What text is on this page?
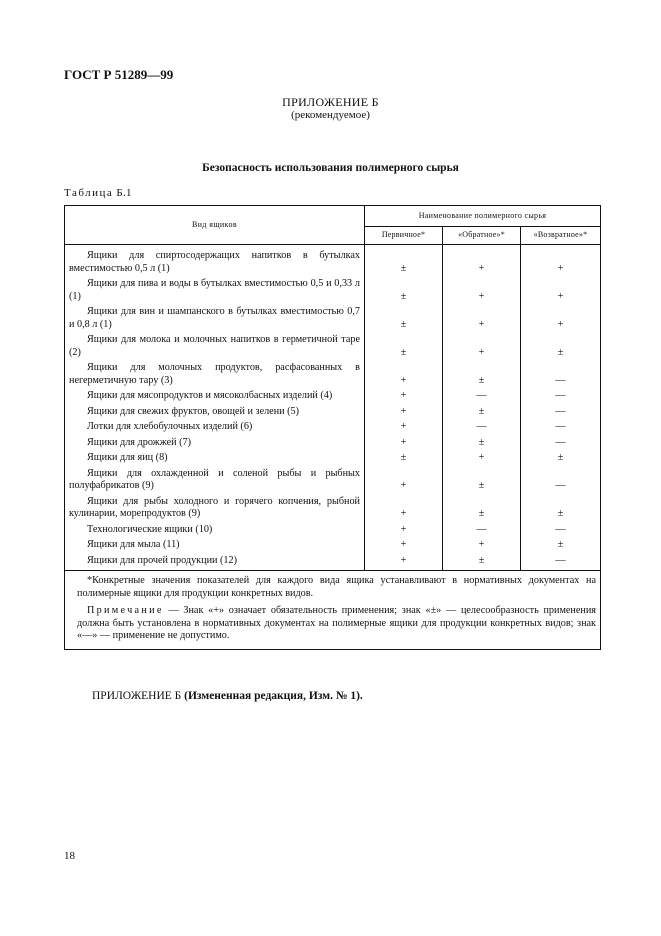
ГОСТ Р 51289—99
ПРИЛОЖЕНИЕ Б
(рекомендуемое)
Безопасность использования полимерного сырья
Таблица Б.1
Вид ящиков	Наименование полимерного сырья		
	Первичное*	«Обратное»*	«Возвратное»*

Ящики для спиртосодержащих напитков в бутылках вместимостью 0,5 л (1)	±	+	+
Ящики для пива и воды в бутылках вместимостью 0,5 и 0,33 л (1)	±	+	+
Ящики для вин и шампанского в бутылках вместимостью 0,7 и 0,8 л (1)	±	+	+
Ящики для молока и молочных напитков в герметичной таре (2)	±	+	±
Ящики для молочных продуктов, расфасованных в негерметичную тару (3)	+	±	—
Ящики для мясопродуктов и мясоколбасных изделий (4)	+	—	—
Ящики для свежих фруктов, овощей и зелени (5)	+	±	—
Лотки для хлебобулочных изделий (6)	+	—	—
Ящики для дрожжей (7)	+	±	—
Ящики для яиц (8)	±	+	±
Ящики для охлажденной и соленой рыбы и рыбных полуфабрикатов (9)	+	±	—
Ящики для рыбы холодного и горячего копчения, рыбной кулинарии, морепродуктов (9)	+	±	±
Технологические ящики (10)	+	—	—
Ящики для мыла (11)	+	+	±
Ящики для прочей продукции (12)	+	±	—

*Конкретные значения показателей для каждого вида ящика устанавливают в нормативных документах на полимерные ящики для продукции конкретных видов.

Примечание — Знак «+» означает обязательность применения; знак «±» — целесообразность применения должна быть установлена в нормативных документах на полимерные ящики для продукции конкретных видов; знак «—» — применение не допустимо.			

ПРИЛОЖЕНИЕ Б (Измененная редакция, Изм. № 1).
18
